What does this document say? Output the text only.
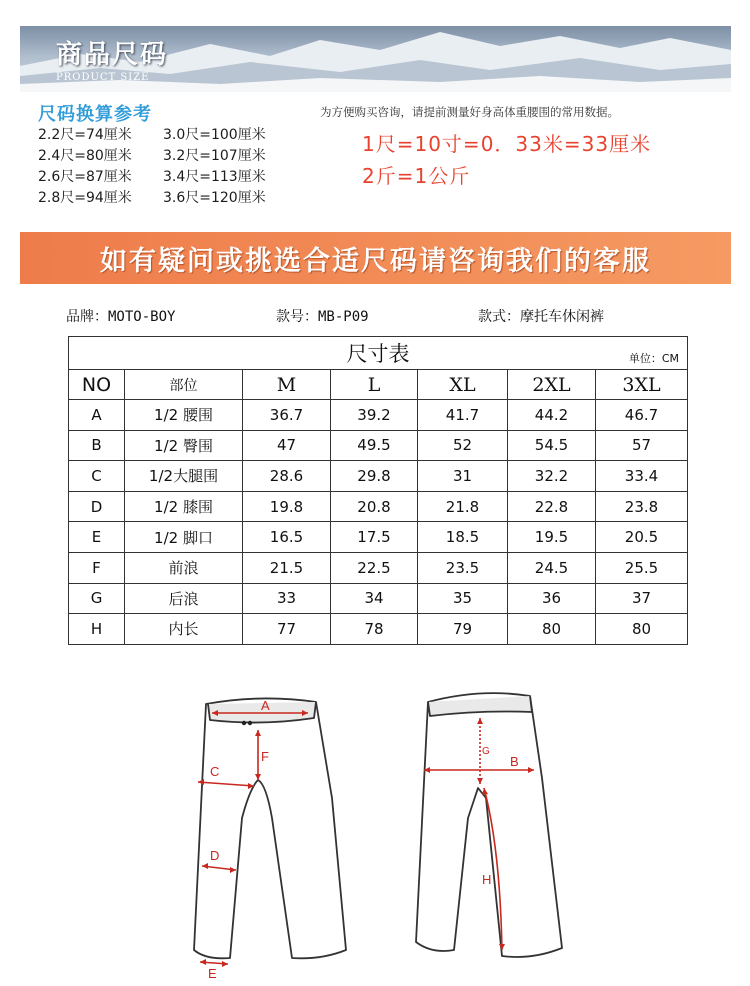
商品尺码
PRODUCT SIZE
尺码换算参考
2.2尺=74厘米	3.0尺=100厘米
2.4尺=80厘米	3.2尺=107厘米
2.6尺=87厘米	3.4尺=113厘米
2.8尺=94厘米	3.6尺=120厘米
为方便购买咨询，请提前测量好身高体重腰围的常用数据。
1尺=10寸=0．33米=33厘米
2斤=1公斤
如有疑问或挑选合适尺码请咨询我们的客服
品牌：MOTO-BOY	款号：MB-P09	款式：摩托车休闲裤
尺寸表 单位：CM						

NO	部位	M	L	XL	2XL	3XL
A	1/2 腰围	36.7	39.2	41.7	44.2	46.7
B	1/2 臀围	47	49.5	52	54.5	57
C	1/2大腿围	28.6	29.8	31	32.2	33.4
D	1/2 膝围	19.8	20.8	21.8	22.8	23.8
E	1/2 脚口	16.5	17.5	18.5	19.5	20.5
F	前浪	21.5	22.5	23.5	24.5	25.5
G	后浪	33	34	35	36	37
H	内长	77	78	79	80	80
A
F
C
D
E
G
B
H
